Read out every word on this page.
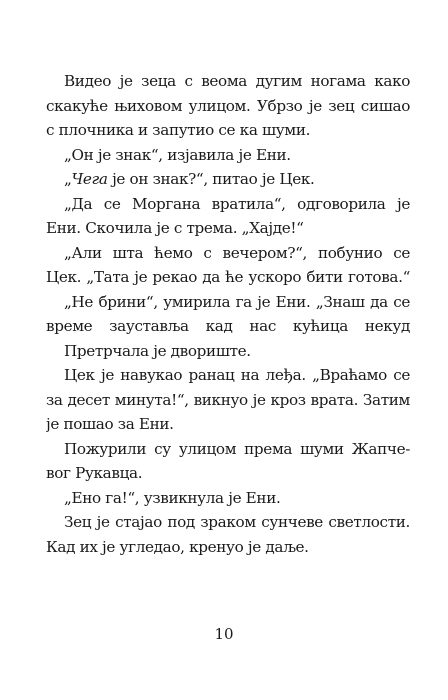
Видео је зеца с веома дугим ногама како
скакуће њиховом улицом. Убрзо је зец сишао
с плочника и запутио се ка шуми.
„Он је знак“, изјавила је Ени.
„Чега је он знак?“, питао је Цек.
„Да се Моргана вратила“, одговорила је
Ени. Скочила је с трема. „Хајде!“
„Али шта ћемо с вечером?“, побунио се
Цек. „Тата је рекао да ће ускоро бити готова.“
„Не брини“, умирила га је Ени. „Знаш да се
време зауставља кад нас кућица некуд
Претрчала је двориште.
Цек је навукао ранац на леђа. „Враћамо се
за десет минута!“, викнуо је кроз врата. Затим
је пошао за Ени.
Пожурили су улицом према шуми Жапче-
вог Рукавца.
„Ено га!“, узвикнула је Ени.
Зец је стајао под зраком сунчеве светлости.
Кад их је угледао, кренуо је даље.
10
